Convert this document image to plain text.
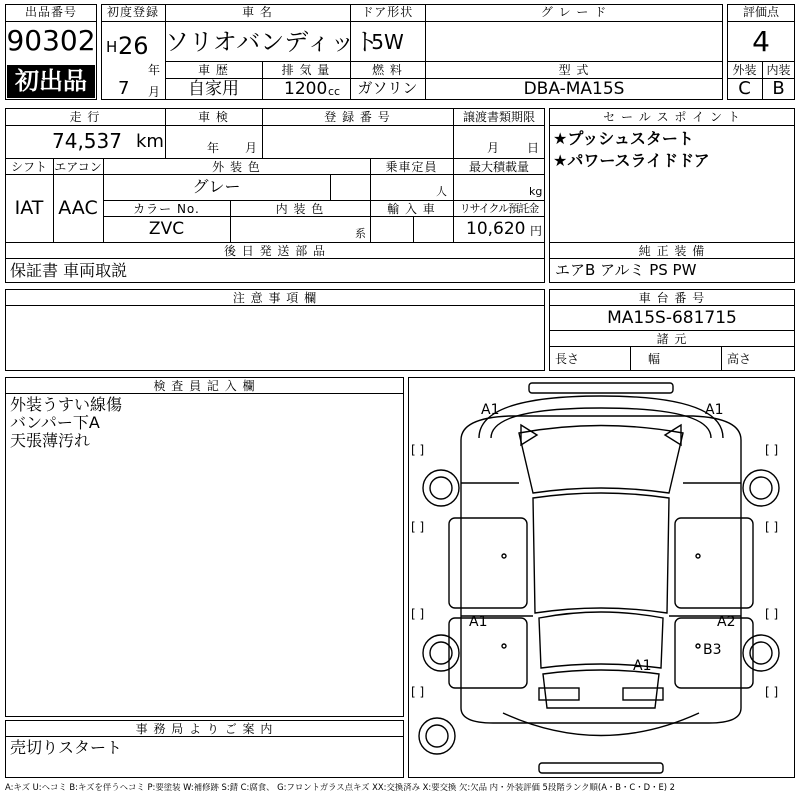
出品番号
90302
初出品
初度登録
H 26
年
7 月
車 名
ソリオバンディット
ドア形状
5W
グ レ ー ド
車 歴
自家用
排 気 量
1200 cc
燃 料
ガソリン
型 式
DBA-MA15S
評価点
4
外装 内装
C	B
走 行
74,537 km
車 検
年 月
登 録 番 号	譲渡書類期限
月 日
シフト
IAT
エアコン
AAC
外 装 色
グレー
乗車定員
人
最大積載量
kg
カラー No.
ZVC
内 装 色
系
輸 入 車	リサイクル預託金
10,620 円
後 日 発 送 部 品
保証書 車両取説
セ ー ル ス ポ イ ン ト
★プッシュスタート
★パワースライドドア
純 正 装 備
エアB アルミ PS PW
注 意 事 項 欄	車 台 番 号
MA15S-681715
諸 元
長さ	幅	高さ
検 査 員 記 入 欄
外装うすい線傷
バンパー下A
天張薄汚れ
事 務 局 よ り ご 案 内
売切りスタート
A1	A1
A1	A2
B3
A1
[ ]	[ ]
[ ]	[ ]
[ ]	[ ]
[ ]	[ ]
A:キズ U:ヘコミ B:キズを伴うヘコミ P:要塗装 W:補修跡 S:錆 C:腐食、 G:フロントガラス点キズ XX:交換済み X:要交換 欠:欠品 内・外装評価 5段階ランク順(A・B・C・D・E) 2
